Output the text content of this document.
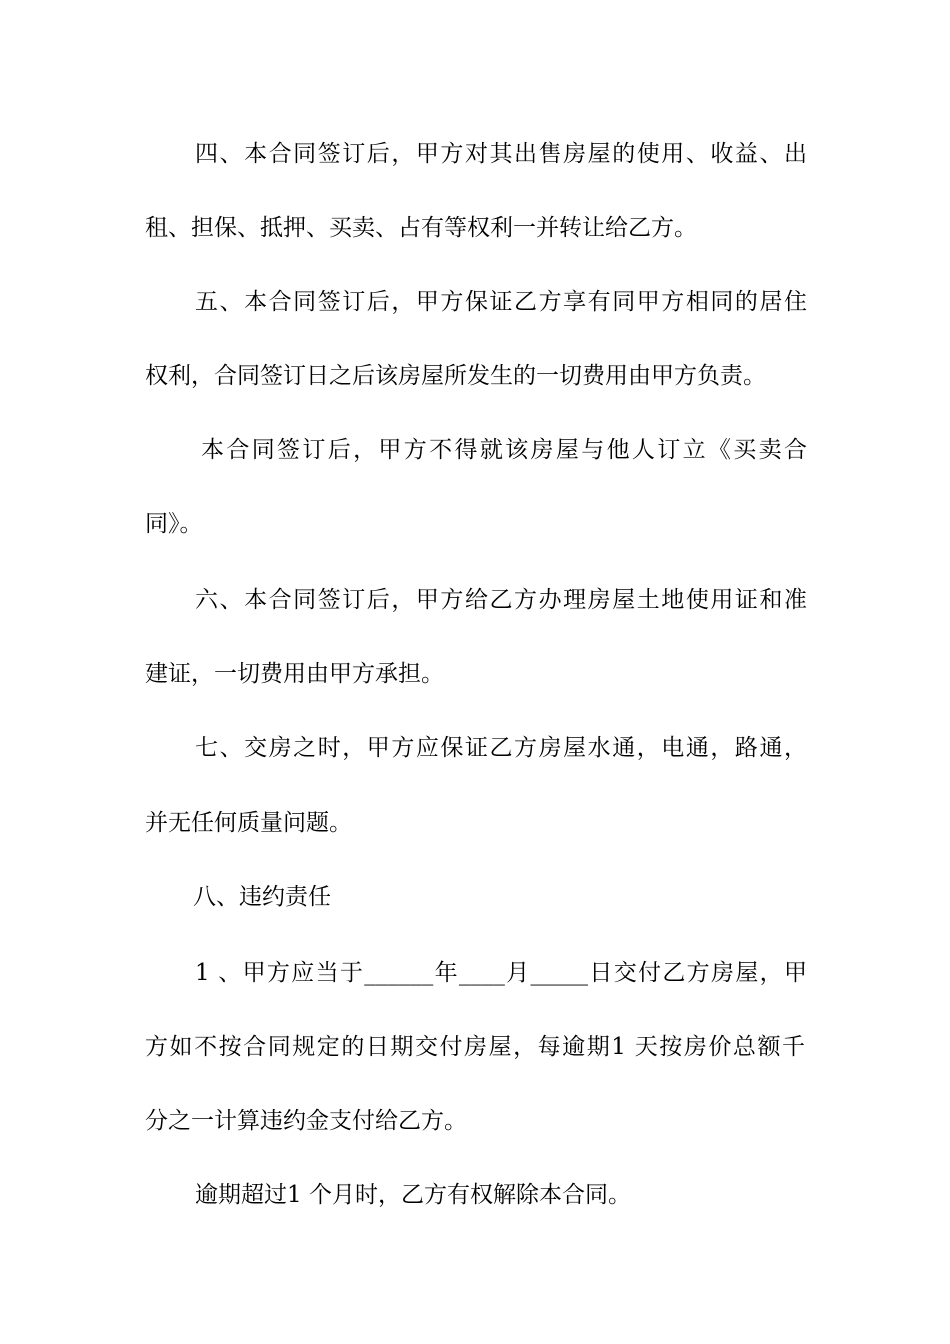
四、本合同签订后，甲方对其出售房屋的使用、收益、出
租、担保、抵押、买卖、占有等权利一并转让给乙方。
五、本合同签订后，甲方保证乙方享有同甲方相同的居住
权利，合同签订日之后该房屋所发生的一切费用由甲方负责。
本合同签订后，甲方不得就该房屋与他人订立《买卖合
同》。
六、本合同签订后，甲方给乙方办理房屋土地使用证和准
建证，一切费用由甲方承担。
七、交房之时，甲方应保证乙方房屋水通，电通，路通，
并无任何质量问题。
八、违约责任
1 、甲方应当于______年____月_____日交付乙方房屋，甲
方如不按合同规定的日期交付房屋，每逾期1 天按房价总额千
分之一计算违约金支付给乙方。
逾期超过1 个月时，乙方有权解除本合同。
